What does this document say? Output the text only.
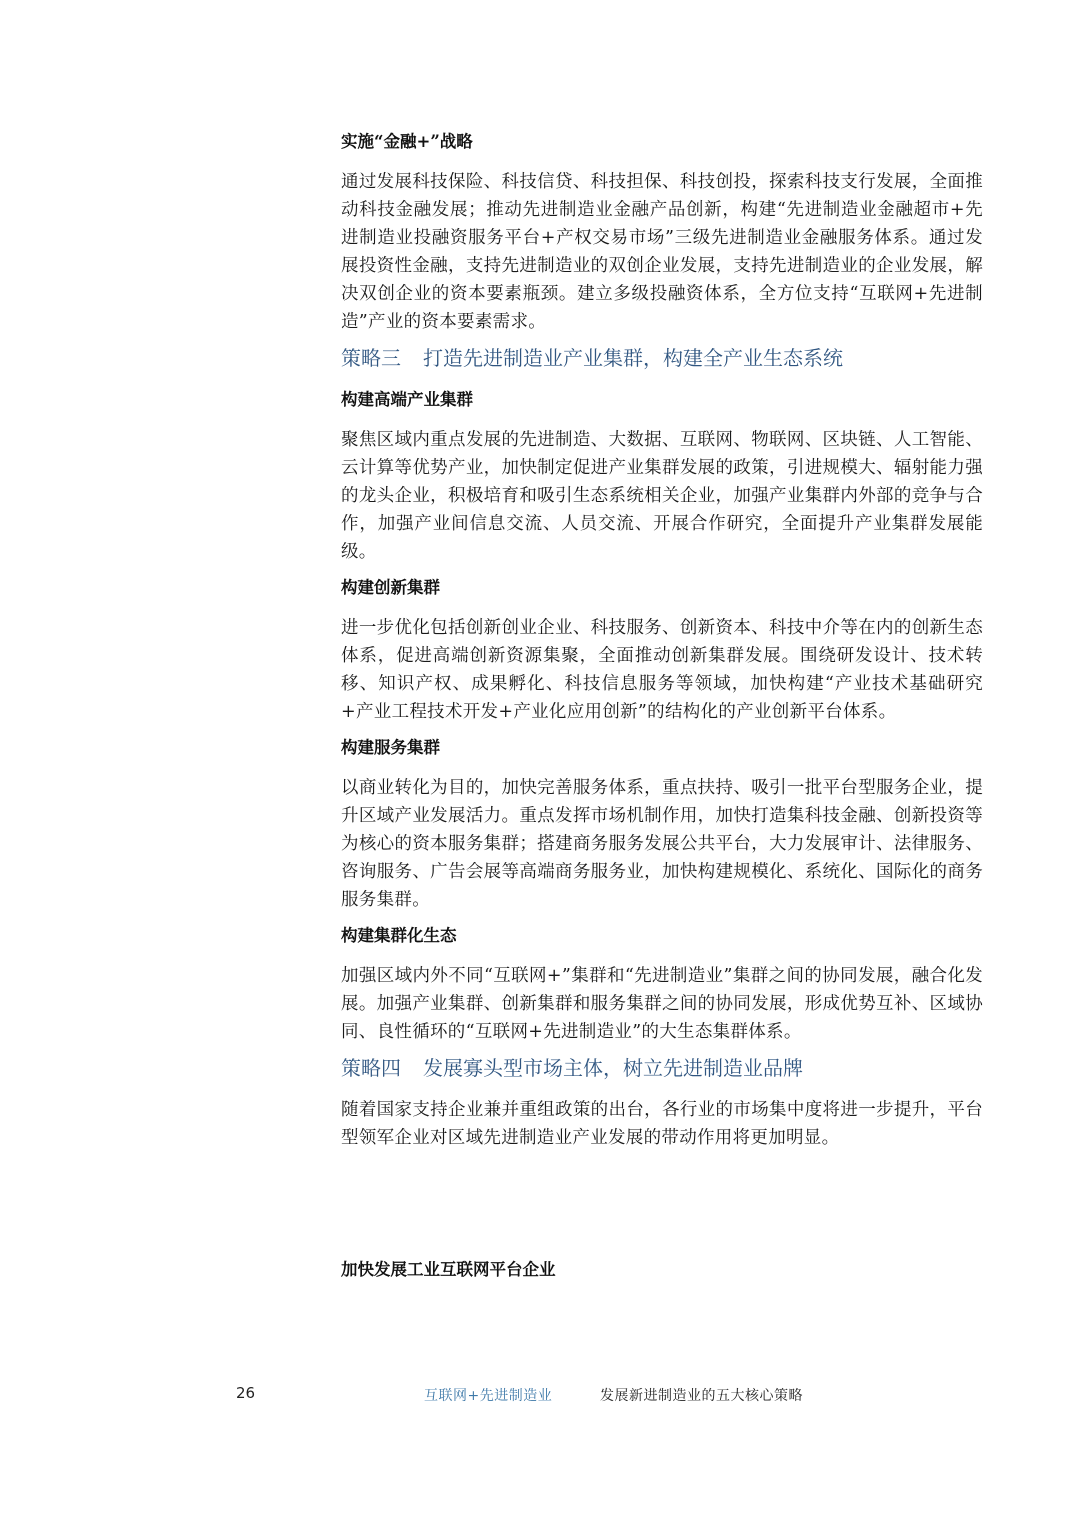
实施“金融+”战略

通过发展科技保险、科技信贷、科技担保、科技创投，探索科技支行发展，全面推动科技金融发展；推动先进制造业金融产品创新，构建“先进制造业金融超市+先进制造业投融资服务平台+产权交易市场”三级先进制造业金融服务体系。通过发展投资性金融，支持先进制造业的双创企业发展，支持先进制造业的企业发展，解决双创企业的资本要素瓶颈。建立多级投融资体系，全方位支持“互联网+先进制造”产业的资本要素需求。

策略三 打造先进制造业产业集群，构建全产业生态系统
构建高端产业集群

聚焦区域内重点发展的先进制造、大数据、互联网、物联网、区块链、人工智能、云计算等优势产业，加快制定促进产业集群发展的政策，引进规模大、辐射能力强的龙头企业，积极培育和吸引生态系统相关企业，加强产业集群内外部的竞争与合作，加强产业间信息交流、人员交流、开展合作研究，全面提升产业集群发展能级。

构建创新集群

进一步优化包括创新创业企业、科技服务、创新资本、科技中介等在内的创新生态体系，促进高端创新资源集聚，全面推动创新集群发展。围绕研发设计、技术转移、知识产权、成果孵化、科技信息服务等领域，加快构建“产业技术基础研究+产业工程技术开发+产业化应用创新”的结构化的产业创新平台体系。

构建服务集群

以商业转化为目的，加快完善服务体系，重点扶持、吸引一批平台型服务企业，提升区域产业发展活力。重点发挥市场机制作用，加快打造集科技金融、创新投资等为核心的资本服务集群；搭建商务服务发展公共平台，大力发展审计、法律服务、咨询服务、广告会展等高端商务服务业，加快构建规模化、系统化、国际化的商务服务集群。

构建集群化生态

加强区域内外不同“互联网+”集群和“先进制造业”集群之间的协同发展，融合化发展。加强产业集群、创新集群和服务集群之间的协同发展，形成优势互补、区域协同、良性循环的“互联网+先进制造业”的大生态集群体系。

策略四 发展寡头型市场主体，树立先进制造业品牌

随着国家支持企业兼并重组政策的出台，各行业的市场集中度将进一步提升，平台型领军企业对区域先进制造业产业发展的带动作用将更加明显。

加快发展工业互联网平台企业
26	互联网+先进制造业	发展新进制造业的五大核心策略
